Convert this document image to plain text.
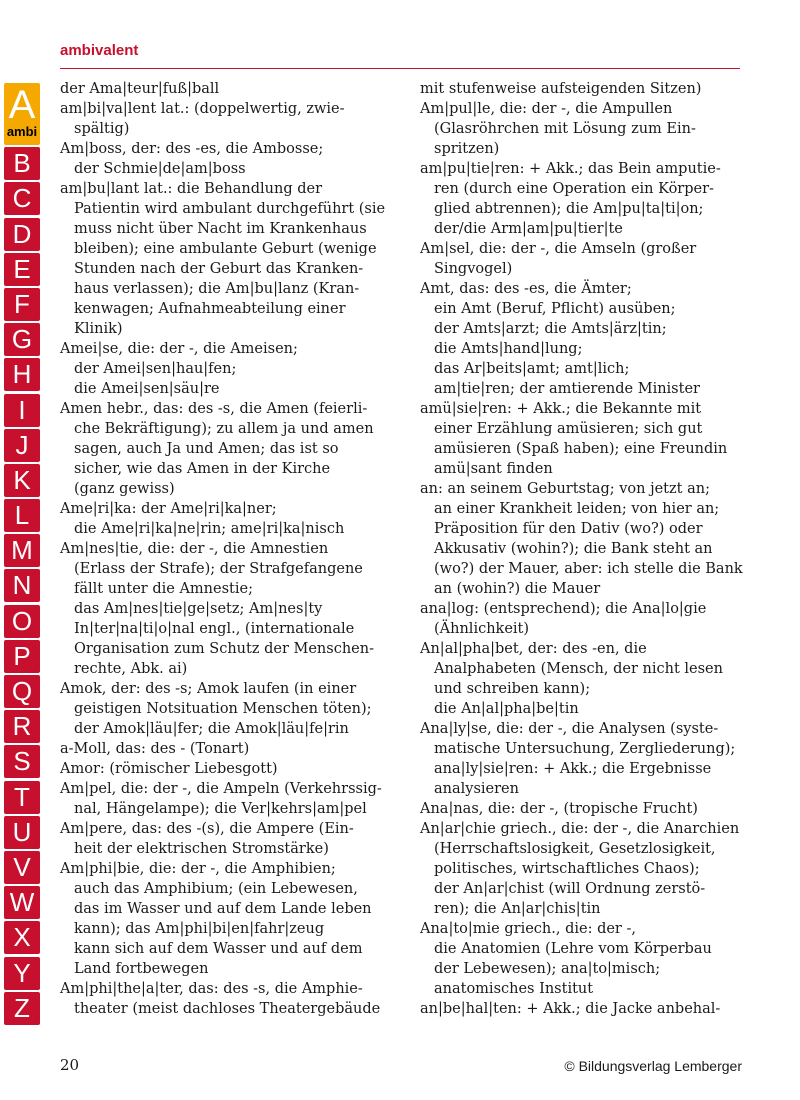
ambivalent
A
ambi
B
C
D
E
F
G
H
I
J
K
L
M
N
O
P
Q
R
S
T
U
V
W
X
Y
Z

der Ama|teur|fuß|ball

am|bi|va|lent lat.: (doppelwertig, zwie-

spältig)

Am|boss, der: des -es, die Ambosse;

der Schmie|de|am|boss

am|bu|lant lat.: die Behandlung der

Patientin wird ambulant durchgeführt (sie
muss nicht über Nacht im Krankenhaus
bleiben); eine ambulante Geburt (wenige
Stunden nach der Geburt das Kranken-
haus verlassen); die Am|bu|lanz (Kran-
kenwagen; Aufnahmeabteilung einer
Klinik)

Amei|se, die: der -, die Ameisen;

der Amei|sen|hau|fen;
die Amei|sen|säu|re

Amen hebr., das: des -s, die Amen (feierli-

che Bekräftigung); zu allem ja und amen
sagen, auch Ja und Amen; das ist so
sicher, wie das Amen in der Kirche
(ganz gewiss)

Ame|ri|ka: der Ame|ri|ka|ner;

die Ame|ri|ka|ne|rin; ame|ri|ka|nisch

Am|nes|tie, die: der -, die Amnestien

(Erlass der Strafe); der Strafgefangene
fällt unter die Amnestie;
das Am|nes|tie|ge|setz; Am|nes|ty
In|ter|na|ti|o|nal engl., (internationale
Organisation zum Schutz der Menschen-
rechte, Abk. ai)

Amok, der: des -s; Amok laufen (in einer

geistigen Notsituation Menschen töten);
der Amok|läu|fer; die Amok|läu|fe|rin

a-Moll, das: des - (Tonart)

Amor: (römischer Liebesgott)

Am|pel, die: der -, die Ampeln (Verkehrssig-

nal, Hängelampe); die Ver|kehrs|am|pel

Am|pere, das: des -(s), die Ampere (Ein-

heit der elektrischen Stromstärke)

Am|phi|bie, die: der -, die Amphibien;

auch das Amphibium; (ein Lebewesen,
das im Wasser und auf dem Lande leben
kann); das Am|phi|bi|en|fahr|zeug
kann sich auf dem Wasser und auf dem
Land fortbewegen

Am|phi|the|a|ter, das: des -s, die Amphie-

theater (meist dachloses Theatergebäude

mit stufenweise aufsteigenden Sitzen)

Am|pul|le, die: der -, die Ampullen

(Glasröhrchen mit Lösung zum Ein-
spritzen)

am|pu|tie|ren: + Akk.; das Bein amputie-

ren (durch eine Operation ein Körper-
glied abtrennen); die Am|pu|ta|ti|on;
der/die Arm|am|pu|tier|te

Am|sel, die: der -, die Amseln (großer

Singvogel)

Amt, das: des -es, die Ämter;

ein Amt (Beruf, Pflicht) ausüben;
der Amts|arzt; die Amts|ärz|tin;
die Amts|hand|lung;
das Ar|beits|amt; amt|lich;
am|tie|ren; der amtierende Minister

amü|sie|ren: + Akk.; die Bekannte mit

einer Erzählung amüsieren; sich gut
amüsieren (Spaß haben); eine Freundin
amü|sant finden

an: an seinem Geburtstag; von jetzt an;

an einer Krankheit leiden; von hier an;
Präposition für den Dativ (wo?) oder
Akkusativ (wohin?); die Bank steht an
(wo?) der Mauer, aber: ich stelle die Bank
an (wohin?) die Mauer

ana|log: (entsprechend); die Ana|lo|gie

(Ähnlichkeit)

An|al|pha|bet, der: des -en, die

Analphabeten (Mensch, der nicht lesen
und schreiben kann);
die An|al|pha|be|tin

Ana|ly|se, die: der -, die Analysen (syste-

matische Untersuchung, Zergliederung);
ana|ly|sie|ren: + Akk.; die Ergebnisse
analysieren

Ana|nas, die: der -, (tropische Frucht)

An|ar|chie griech., die: der -, die Anarchien

(Herrschaftslosigkeit, Gesetzlosigkeit,
politisches, wirtschaftliches Chaos);
der An|ar|chist (will Ordnung zerstö-
ren); die An|ar|chis|tin

Ana|to|mie griech., die: der -,

die Anatomien (Lehre vom Körperbau
der Lebewesen); ana|to|misch;
anatomisches Institut

an|be|hal|ten: + Akk.; die Jacke anbehal-

20	© Bildungsverlag Lemberger
